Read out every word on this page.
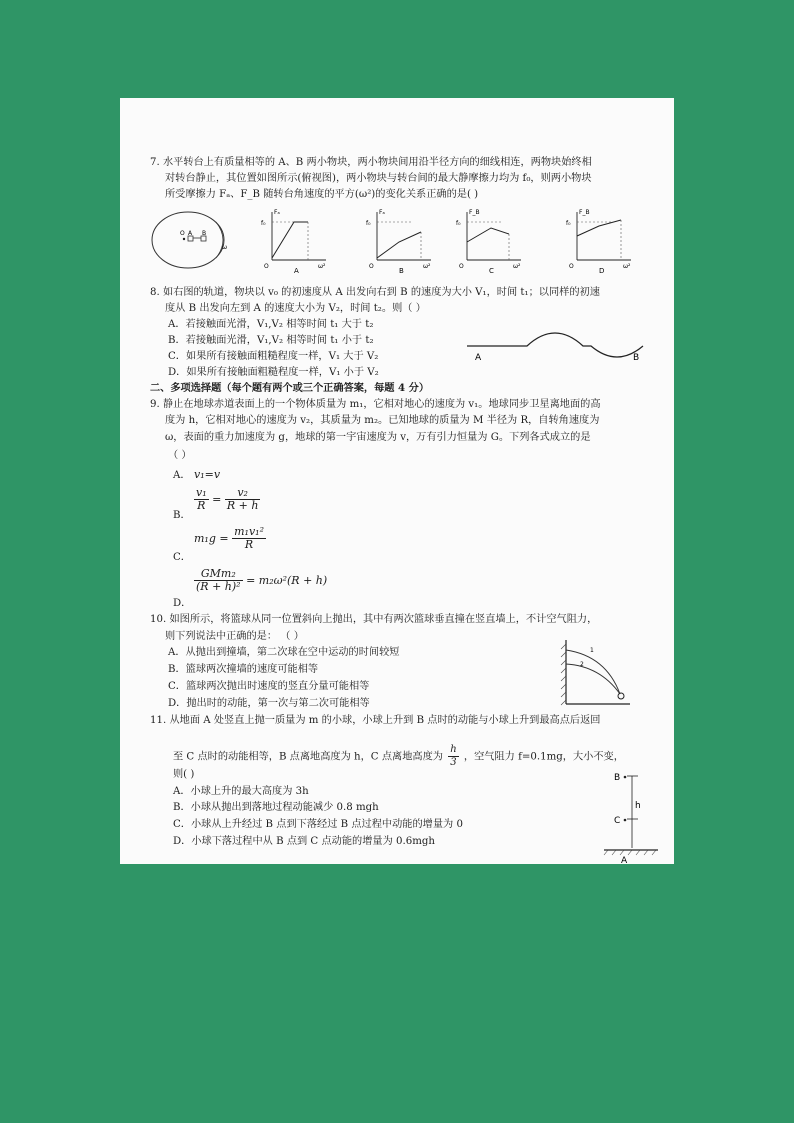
7. 水平转台上有质量相等的 A、B 两小物块，两小物块间用沿半径方向的细线相连，两物块始终相
对转台静止，其位置如图所示(俯视图)，两小物块与转台间的最大静摩擦力均为 f₀，则两小物块
所受摩擦力 Fₐ、F_B 随转台角速度的平方(ω²)的变化关系正确的是( )
O A B
ω
Fₐ
f₀
O	ω²
A
Fₐ
f₀
O	ω²
B
F_B
f₀
O	ω²
C
F_B
f₀
O	ω²
D
8. 如右图的轨道，物块以 v₀ 的初速度从 A 出发向右到 B 的速度为大小 V₁，时间 t₁；以同样的初速
度从 B 出发向左到 A 的速度大小为 V₂，时间 t₂。则（ ）
A．若接触面光滑，V₁,V₂ 相等时间 t₁ 大于 t₂
B．若接触面光滑，V₁,V₂ 相等时间 t₁ 小于 t₂
C．如果所有接触面粗糙程度一样，V₁ 大于 V₂
D．如果所有接触面粗糙程度一样，V₁ 小于 V₂
A	B
二、多项选择题（每个题有两个或三个正确答案，每题 4 分）
9. 静止在地球赤道表面上的一个物体质量为 m₁，它相对地心的速度为 v₁。地球同步卫星离地面的高
度为 h，它相对地心的速度为 v₂，其质量为 m₂。已知地球的质量为 M 半径为 R，自转角速度为
ω，表面的重力加速度为 g，地球的第一宇宙速度为 v，万有引力恒量为 G。下列各式成立的是
（ ）
A． v₁=v
B．
$\frac{\text{v₁}}{R} = \frac{\text{v₂}}{R + h}$
C．
$m_1g = \frac{\text{m₁v₁²}}{R}$
D．
$\frac{\text{GMm₂}}{\text{(R + h)²}} = m_2\omega^2(R + h)$
10. 如图所示，将篮球从同一位置斜向上抛出，其中有两次篮球垂直撞在竖直墙上，不计空气阻力，
则下列说法中正确的是： （ ）
A．从抛出到撞墙，第二次球在空中运动的时间较短
B．篮球两次撞墙的速度可能相等
C．篮球两次抛出时速度的竖直分量可能相等
D．抛出时的动能，第一次与第二次可能相等
1
2
11. 从地面 A 处竖直上抛一质量为 m 的小球，小球上升到 B 点时的动能与小球上升到最高点后返回
至 C 点时的动能相等，B 点离地高度为 h，C 点离地高度为 $\frac{h}{3}$ ，空气阻力 f=0.1mg，大小不变，
则( )
A．小球上升的最大高度为 3h
B．小球从抛出到落地过程动能减少 0.8 mgh
C．小球从上升经过 B 点到下落经过 B 点过程中动能的增量为 0
D．小球下落过程中从 B 点到 C 点动能的增量为 0.6mgh
B
h
C
A
